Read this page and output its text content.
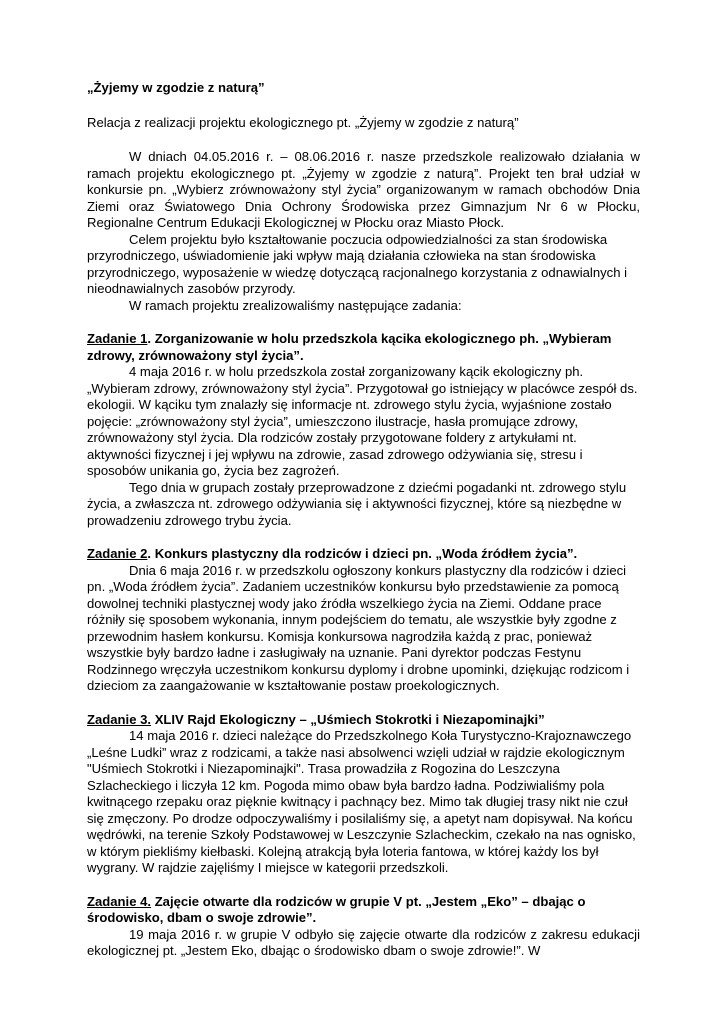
„Żyjemy w zgodzie z naturą”

Relacja z realizacji projektu ekologicznego pt. „Żyjemy w zgodzie z naturą”

W dniach 04.05.2016 r. – 08.06.2016 r. nasze przedszkole realizowało działania w ramach projektu ekologicznego pt. „Żyjemy w zgodzie z naturą”. Projekt ten brał udział w konkursie pn. „Wybierz zrównoważony styl życia” organizowanym w ramach obchodów Dnia Ziemi oraz Światowego Dnia Ochrony Środowiska przez Gimnazjum Nr 6 w Płocku, Regionalne Centrum Edukacji Ekologicznej w Płocku oraz Miasto Płock.

Celem projektu było kształtowanie poczucia odpowiedzialności za stan środowiska przyrodniczego, uświadomienie jaki wpływ mają działania człowieka na stan środowiska przyrodniczego, wyposażenie w wiedzę dotyczącą racjonalnego korzystania z odnawialnych i nieodnawialnych zasobów przyrody.

W ramach projektu zrealizowaliśmy następujące zadania:

Zadanie 1. Zorganizowanie w holu przedszkola kącika ekologicznego ph. „Wybieram zdrowy, zrównoważony styl życia”.

4 maja 2016 r. w holu przedszkola został zorganizowany kącik ekologiczny ph. „Wybieram zdrowy, zrównoważony styl życia”. Przygotował go istniejący w placówce zespół ds. ekologii. W kąciku tym znalazły się informacje nt. zdrowego stylu życia, wyjaśnione zostało pojęcie: „zrównoważony styl życia”, umieszczono ilustracje, hasła promujące zdrowy, zrównoważony styl życia. Dla rodziców zostały przygotowane foldery z artykułami nt. aktywności fizycznej i jej wpływu na zdrowie, zasad zdrowego odżywiania się, stresu i sposobów unikania go, życia bez zagrożeń.

Tego dnia w grupach zostały przeprowadzone z dziećmi pogadanki nt. zdrowego stylu życia, a zwłaszcza nt. zdrowego odżywiania się i aktywności fizycznej, które są niezbędne w prowadzeniu zdrowego trybu życia.

Zadanie 2. Konkurs plastyczny dla rodziców i dzieci pn. „Woda źródłem życia”.

Dnia 6 maja 2016 r. w przedszkolu ogłoszony konkurs plastyczny dla rodziców i dzieci pn. „Woda źródłem życia”. Zadaniem uczestników konkursu było przedstawienie za pomocą dowolnej techniki plastycznej wody jako źródła wszelkiego życia na Ziemi. Oddane prace różniły się sposobem wykonania, innym podejściem do tematu, ale wszystkie były zgodne z przewodnim hasłem konkursu. Komisja konkursowa nagrodziła każdą z prac, ponieważ wszystkie były bardzo ładne i zasługiwały na uznanie. Pani dyrektor podczas Festynu Rodzinnego wręczyła uczestnikom konkursu dyplomy i drobne upominki, dziękując rodzicom i dzieciom za zaangażowanie w kształtowanie postaw proekologicznych.

Zadanie 3. XLIV Rajd Ekologiczny – „Uśmiech Stokrotki i Niezapominajki”

14 maja 2016 r. dzieci należące do Przedszkolnego Koła Turystyczno-Krajoznawczego „Leśne Ludki” wraz z rodzicami, a także nasi absolwenci wzięli udział w rajdzie ekologicznym "Uśmiech Stokrotki i Niezapominajki". Trasa prowadziła z Rogozina do Leszczyna Szlacheckiego i liczyła 12 km. Pogoda mimo obaw była bardzo ładna. Podziwialiśmy pola kwitnącego rzepaku oraz pięknie kwitnący i pachnący bez. Mimo tak długiej trasy nikt nie czuł się zmęczony. Po drodze odpoczywaliśmy i posilaliśmy się, a apetyt nam dopisywał. Na końcu wędrówki, na terenie Szkoły Podstawowej w Leszczynie Szlacheckim, czekało na nas ognisko, w którym piekliśmy kiełbaski. Kolejną atrakcją była loteria fantowa, w której każdy los był wygrany. W rajdzie zajęliśmy I miejsce w kategorii przedszkoli.

Zadanie 4. Zajęcie otwarte dla rodziców w grupie V pt. „Jestem „Eko” – dbając o środowisko, dbam o swoje zdrowie”.

19 maja 2016 r. w grupie V odbyło się zajęcie otwarte dla rodziców z zakresu edukacji ekologicznej pt. „Jestem Eko, dbając o środowisko dbam o swoje zdrowie!”. W
